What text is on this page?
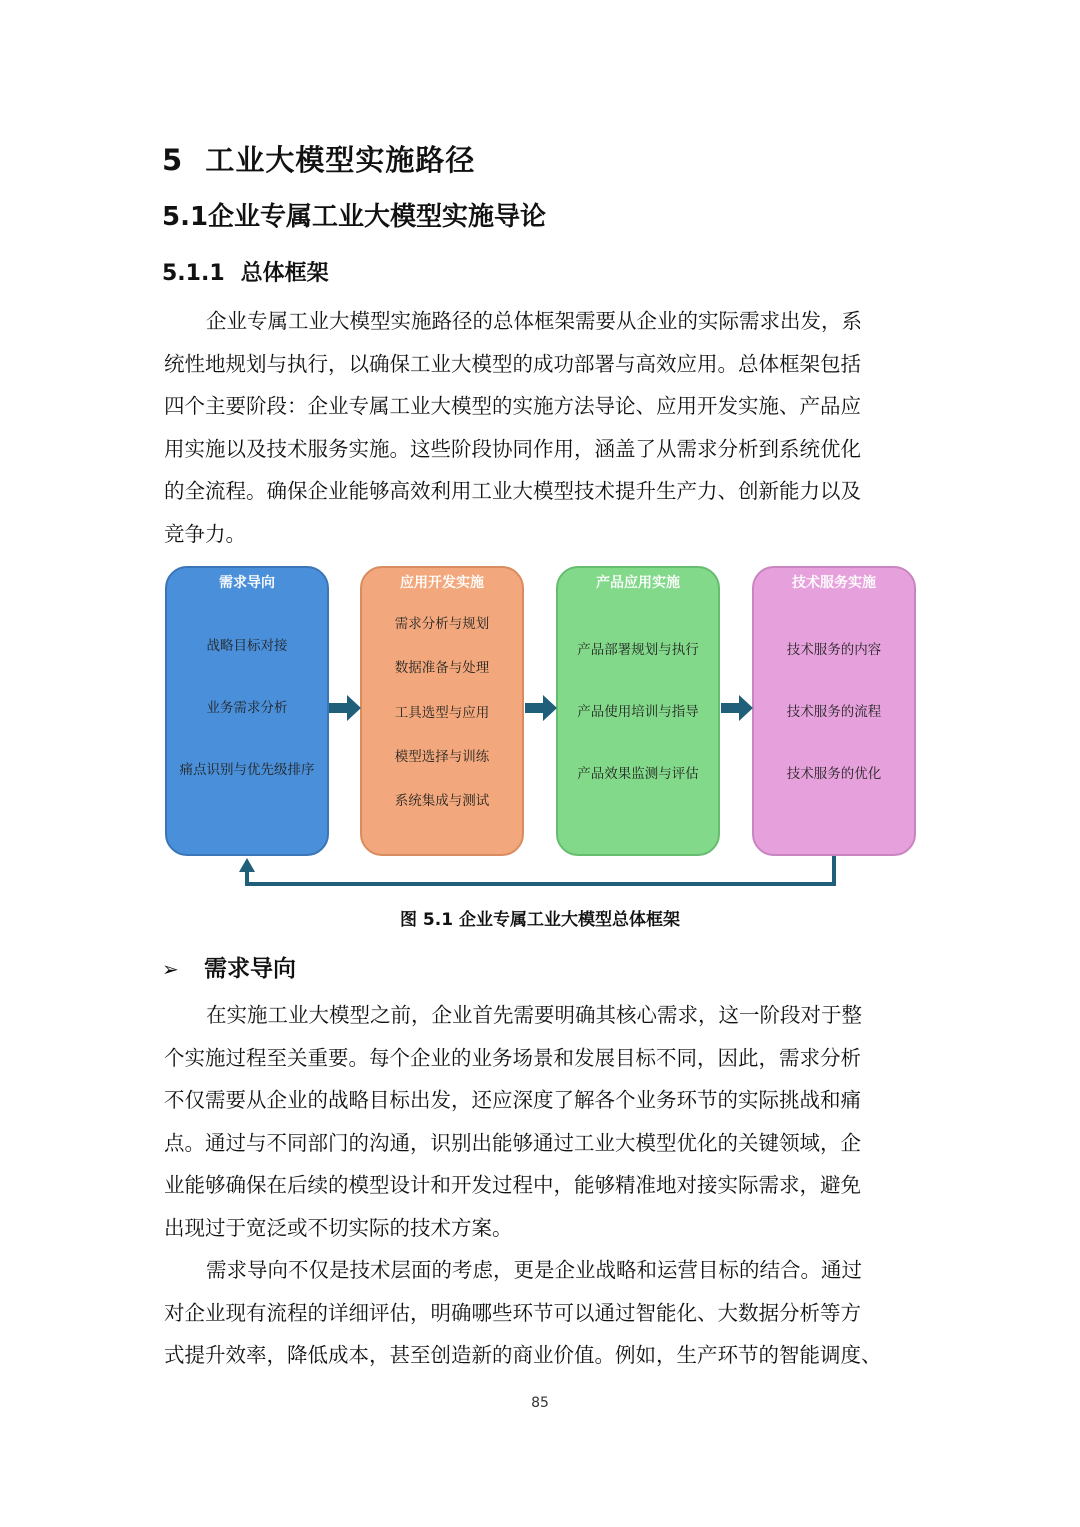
5 工业大模型实施路径
5.1企业专属工业大模型实施导论
5.1.1 总体框架
企业专属工业大模型实施路径的总体框架需要从企业的实际需求出发，系
统性地规划与执行，以确保工业大模型的成功部署与高效应用。总体框架包括
四个主要阶段：企业专属工业大模型的实施方法导论、应用开发实施、产品应
用实施以及技术服务实施。这些阶段协同作用，涵盖了从需求分析到系统优化
的全流程。确保企业能够高效利用工业大模型技术提升生产力、创新能力以及
竞争力。
需求导向
战略目标对接
业务需求分析
痛点识别与优先级排序
应用开发实施
需求分析与规划
数据准备与处理
工具选型与应用
模型选择与训练
系统集成与测试
产品应用实施
产品部署规划与执行
产品使用培训与指导
产品效果监测与评估
技术服务实施
技术服务的内容
技术服务的流程
技术服务的优化
图 5.1 企业专属工业大模型总体框架
➢ 需求导向
在实施工业大模型之前，企业首先需要明确其核心需求，这一阶段对于整
个实施过程至关重要。每个企业的业务场景和发展目标不同，因此，需求分析
不仅需要从企业的战略目标出发，还应深度了解各个业务环节的实际挑战和痛
点。通过与不同部门的沟通，识别出能够通过工业大模型优化的关键领域，企
业能够确保在后续的模型设计和开发过程中，能够精准地对接实际需求，避免
出现过于宽泛或不切实际的技术方案。
需求导向不仅是技术层面的考虑，更是企业战略和运营目标的结合。通过
对企业现有流程的详细评估，明确哪些环节可以通过智能化、大数据分析等方
式提升效率，降低成本，甚至创造新的商业价值。例如，生产环节的智能调度、
85
